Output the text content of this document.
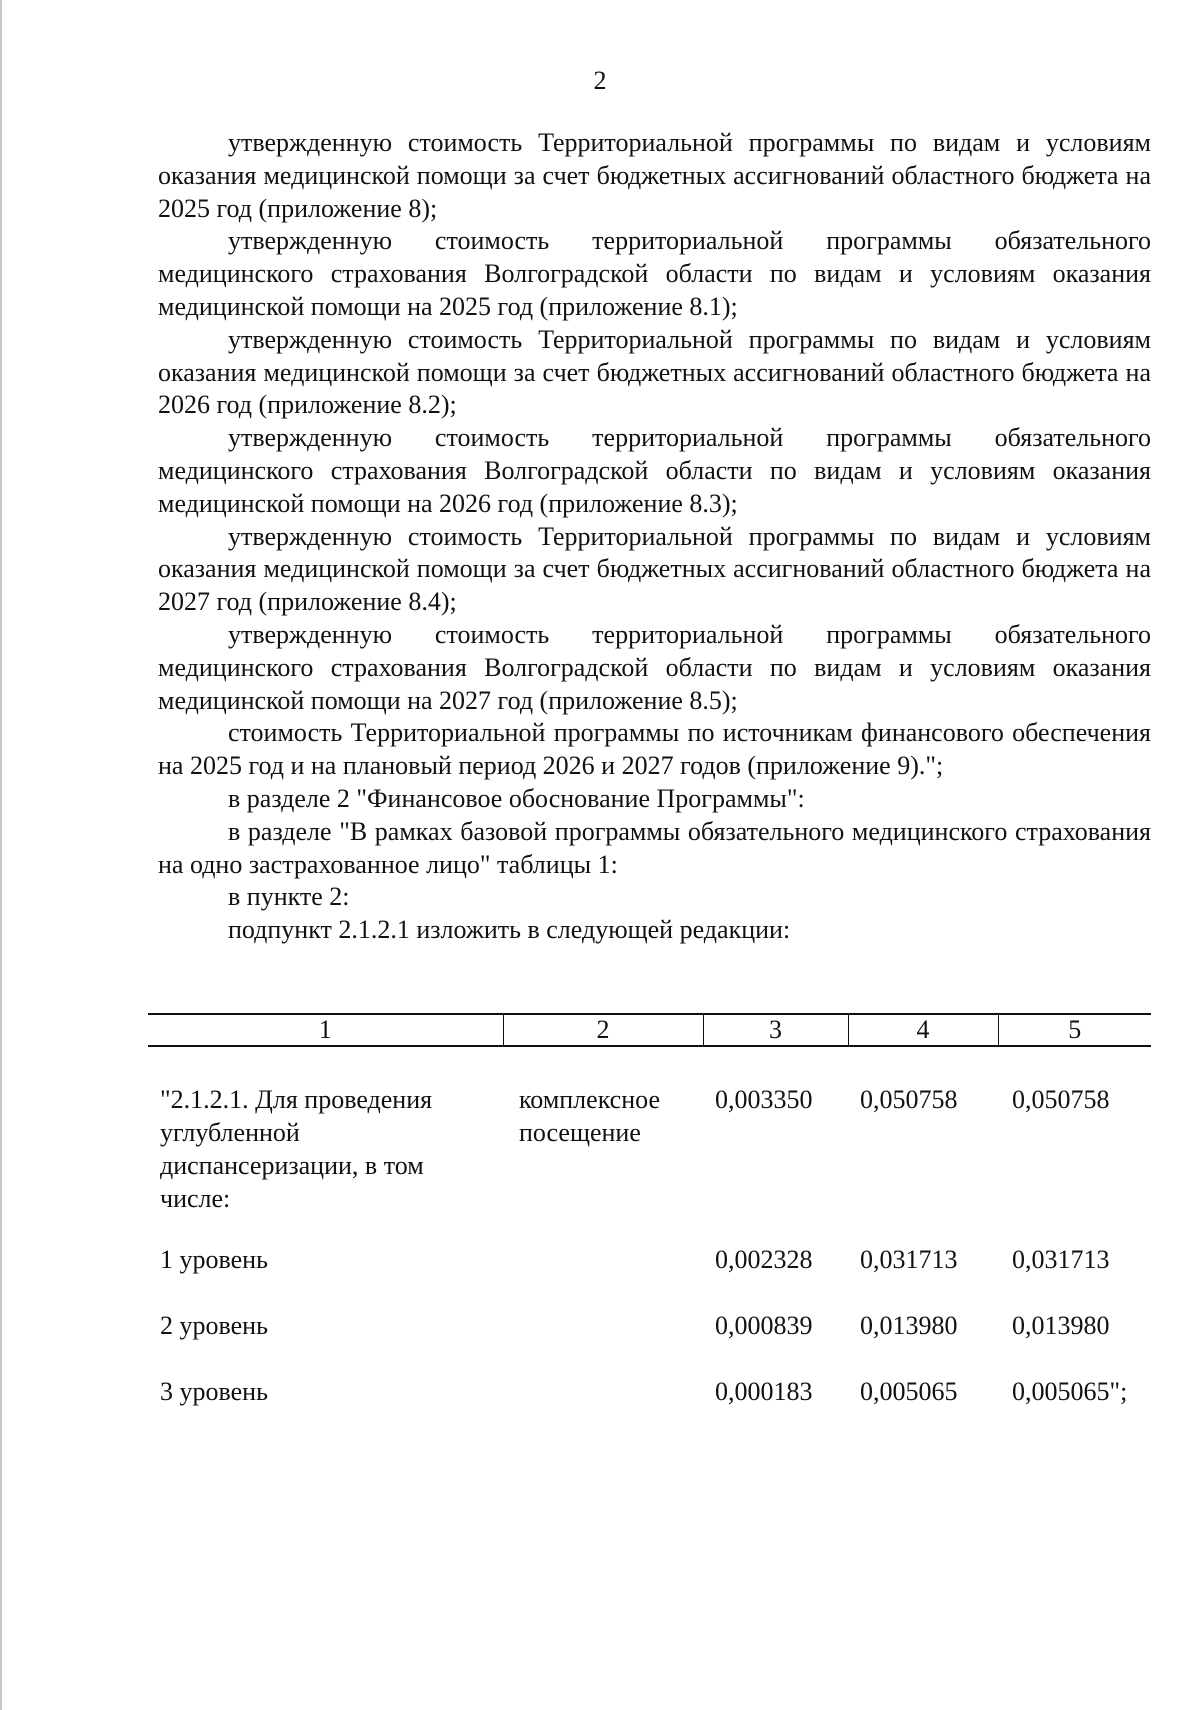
2

утвержденную стоимость Территориальной программы по видам и условиям оказания медицинской помощи за счет бюджетных ассигнований областного бюджета на 2025 год (приложение 8);

утвержденную стоимость территориальной программы обязательного медицинского страхования Волгоградской области по видам и условиям оказания медицинской помощи на 2025 год (приложение 8.1);

утвержденную стоимость Территориальной программы по видам и условиям оказания медицинской помощи за счет бюджетных ассигнований областного бюджета на 2026 год (приложение 8.2);

утвержденную стоимость территориальной программы обязательного медицинского страхования Волгоградской области по видам и условиям оказания медицинской помощи на 2026 год (приложение 8.3);

утвержденную стоимость Территориальной программы по видам и условиям оказания медицинской помощи за счет бюджетных ассигнований областного бюджета на 2027 год (приложение 8.4);

утвержденную стоимость территориальной программы обязательного медицинского страхования Волгоградской области по видам и условиям оказания медицинской помощи на 2027 год (приложение 8.5);

стоимость Территориальной программы по источникам финансового обеспечения на 2025 год и на плановый период 2026 и 2027 годов (приложение 9).";

в разделе 2 "Финансовое обоснование Программы":

в разделе "В рамках базовой программы обязательного медицинского страхования на одно застрахованное лицо" таблицы 1:

в пункте 2:

подпункт 2.1.2.1 изложить в следующей редакции:

1	2	3	4	5

"2.1.2.1. Для проведения углубленной диспансеризации, в том числе:	комплексное посещение	0,003350	0,050758	0,050758
1 уровень		0,002328	0,031713	0,031713
2 уровень		0,000839	0,013980	0,013980
3 уровень		0,000183	0,005065	0,005065";
